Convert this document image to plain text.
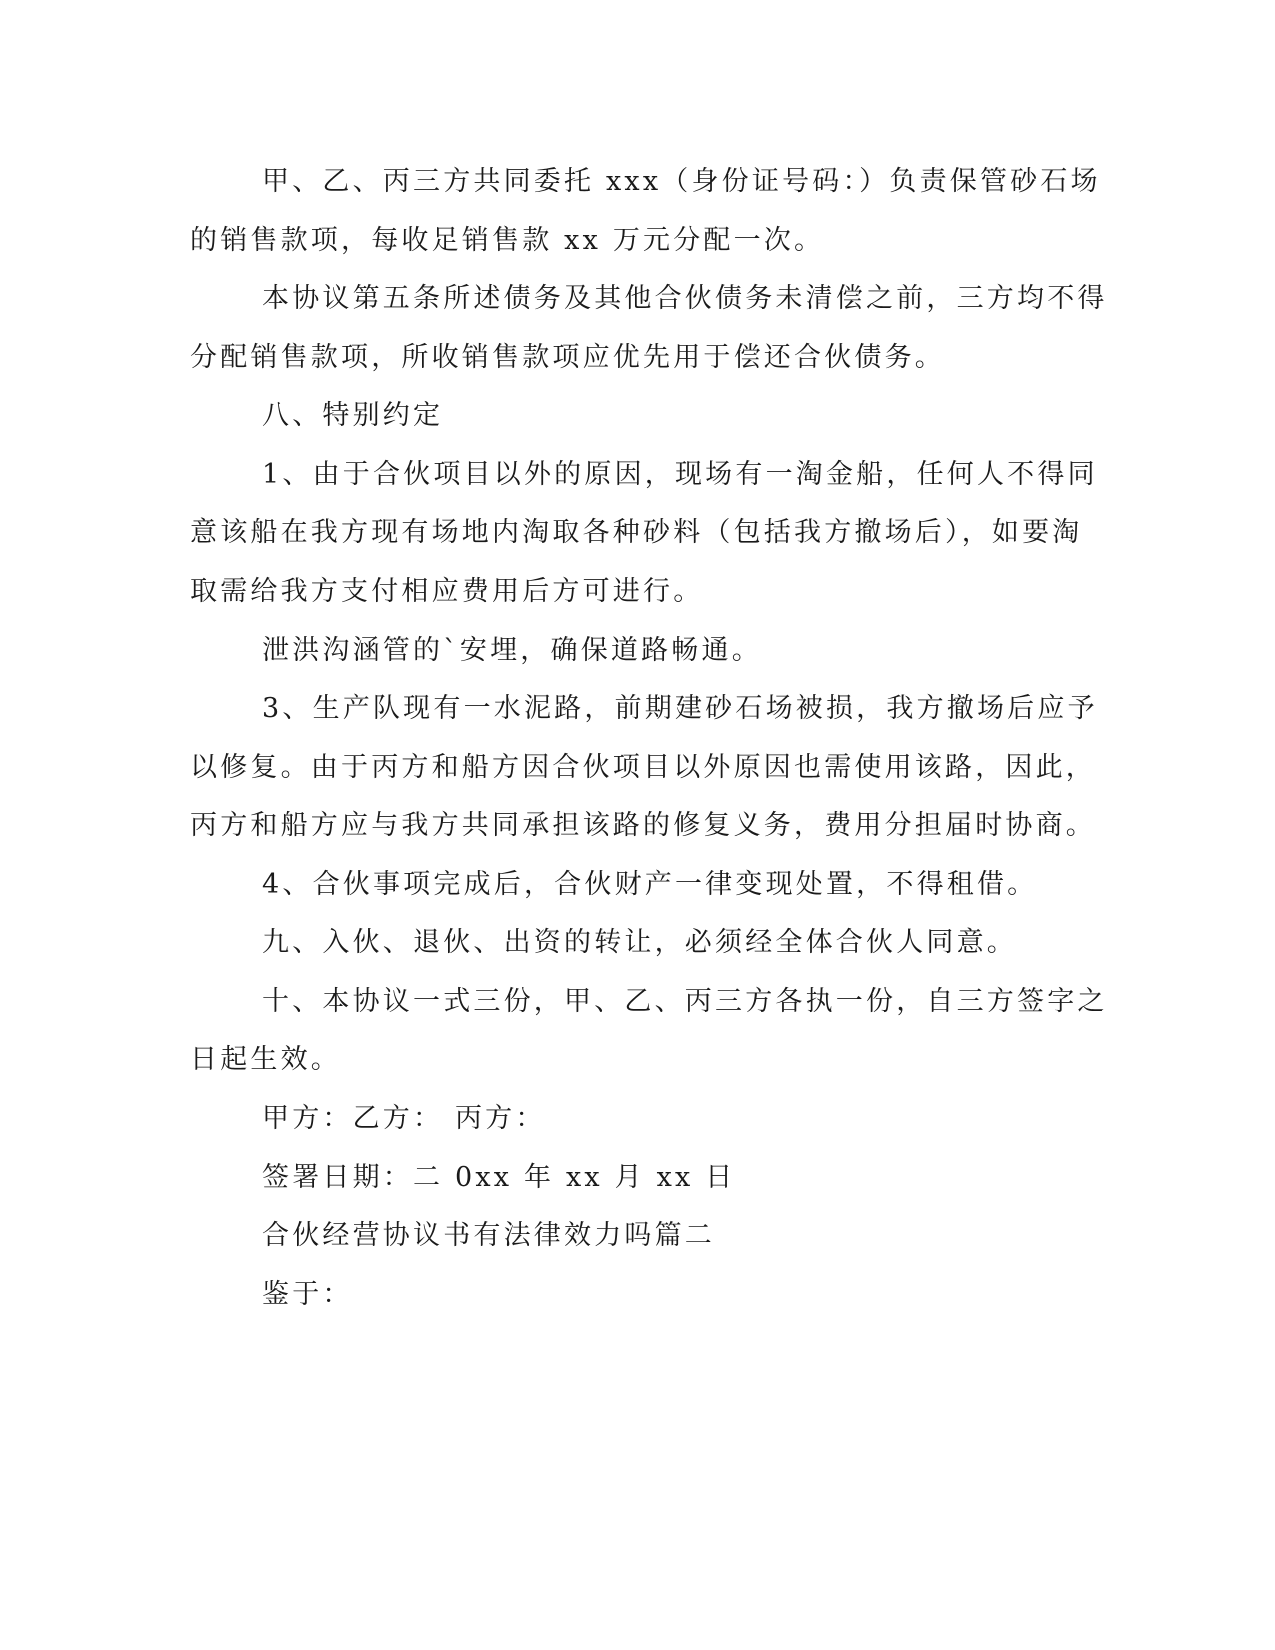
甲、乙、丙三方共同委托 xxx（身份证号码：）负责保管砂石场
的销售款项，每收足销售款 xx 万元分配一次。
本协议第五条所述债务及其他合伙债务未清偿之前，三方均不得
分配销售款项，所收销售款项应优先用于偿还合伙债务。
八、特别约定
1、由于合伙项目以外的原因，现场有一淘金船，任何人不得同
意该船在我方现有场地内淘取各种砂料（包括我方撤场后），如要淘
取需给我方支付相应费用后方可进行。
泄洪沟涵管的`安埋，确保道路畅通。
3、生产队现有一水泥路，前期建砂石场被损，我方撤场后应予
以修复。由于丙方和船方因合伙项目以外原因也需使用该路，因此，
丙方和船方应与我方共同承担该路的修复义务，费用分担届时协商。
4、合伙事项完成后，合伙财产一律变现处置，不得租借。
九、入伙、退伙、出资的转让，必须经全体合伙人同意。
十、本协议一式三份，甲、乙、丙三方各执一份，自三方签字之
日起生效。
甲方：乙方： 丙方：
签署日期：二 0xx 年 xx 月 xx 日
合伙经营协议书有法律效力吗篇二
鉴于：
